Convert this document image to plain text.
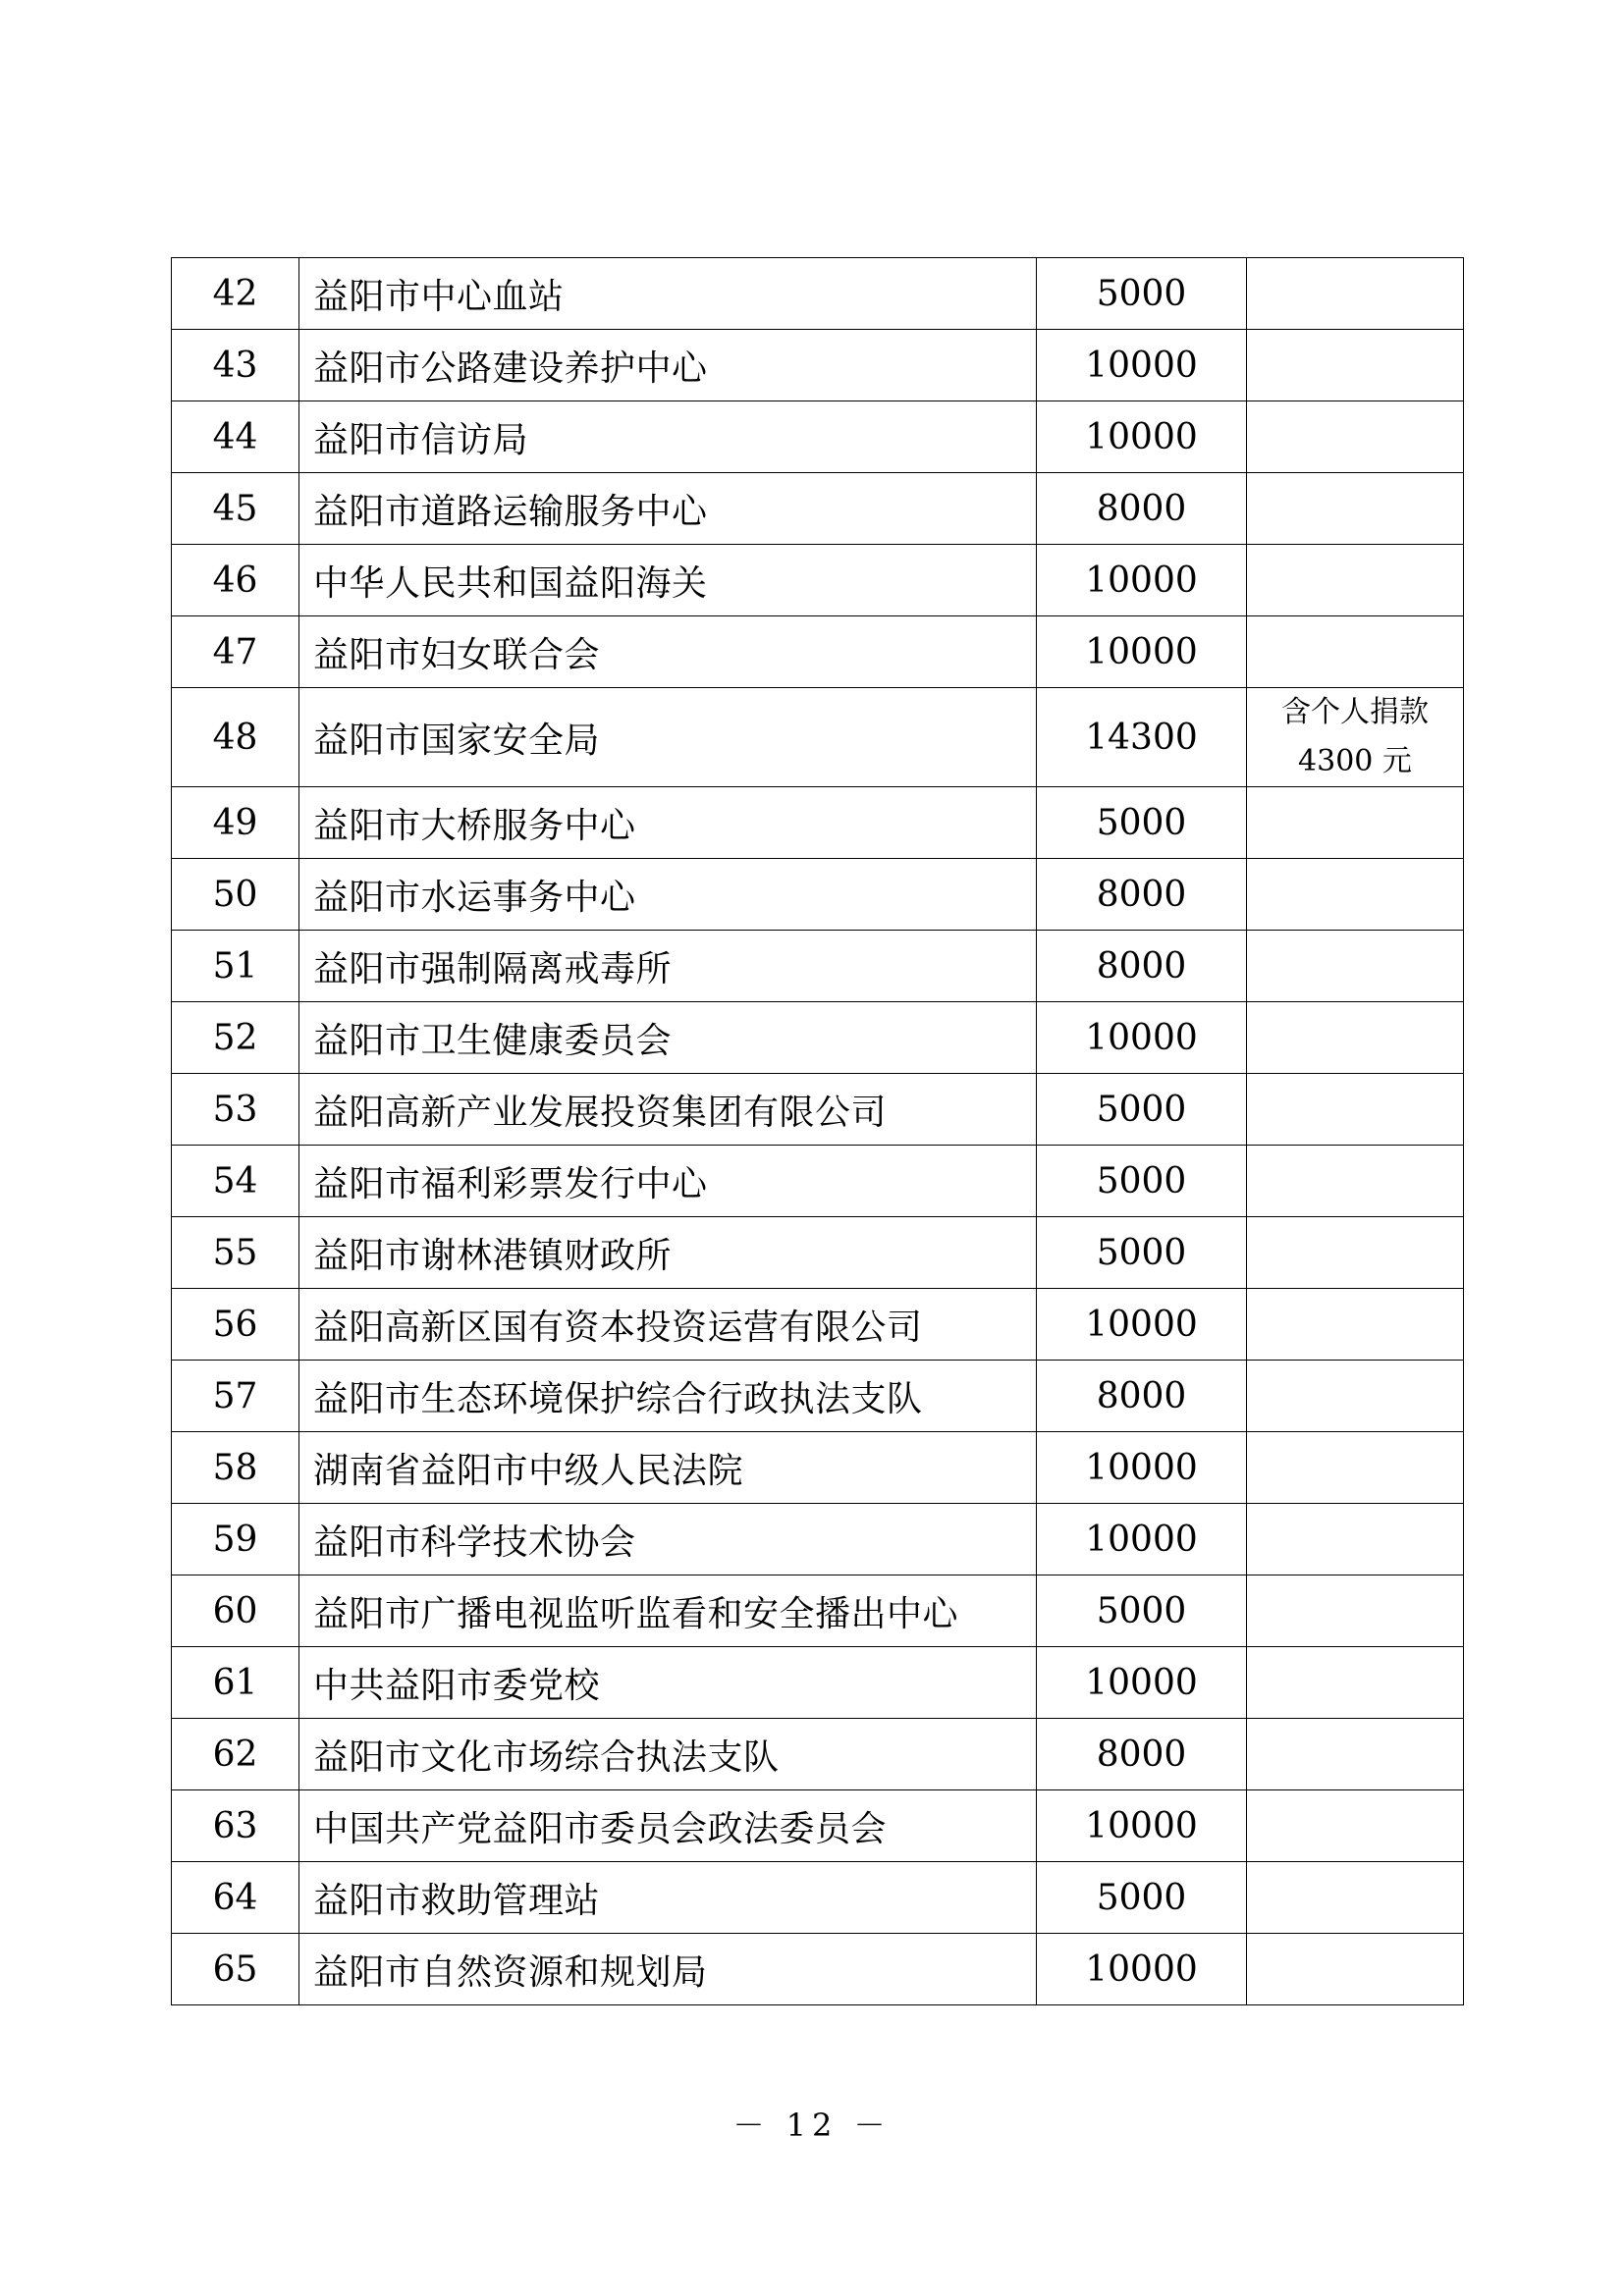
42	益阳市中心血站	5000	
43	益阳市公路建设养护中心	10000	
44	益阳市信访局	10000	
45	益阳市道路运输服务中心	8000	
46	中华人民共和国益阳海关	10000	
47	益阳市妇女联合会	10000	
48	益阳市国家安全局	14300	含个人捐款
4300 元

49	益阳市大桥服务中心	5000	
50	益阳市水运事务中心	8000	
51	益阳市强制隔离戒毒所	8000	
52	益阳市卫生健康委员会	10000	
53	益阳高新产业发展投资集团有限公司	5000	
54	益阳市福利彩票发行中心	5000	
55	益阳市谢林港镇财政所	5000	
56	益阳高新区国有资本投资运营有限公司	10000	
57	益阳市生态环境保护综合行政执法支队	8000	
58	湖南省益阳市中级人民法院	10000	
59	益阳市科学技术协会	10000	
60	益阳市广播电视监听监看和安全播出中心	5000	
61	中共益阳市委党校	10000	
62	益阳市文化市场综合执法支队	8000	
63	中国共产党益阳市委员会政法委员会	10000	
64	益阳市救助管理站	5000	
65	益阳市自然资源和规划局	10000	
－ 12 －
